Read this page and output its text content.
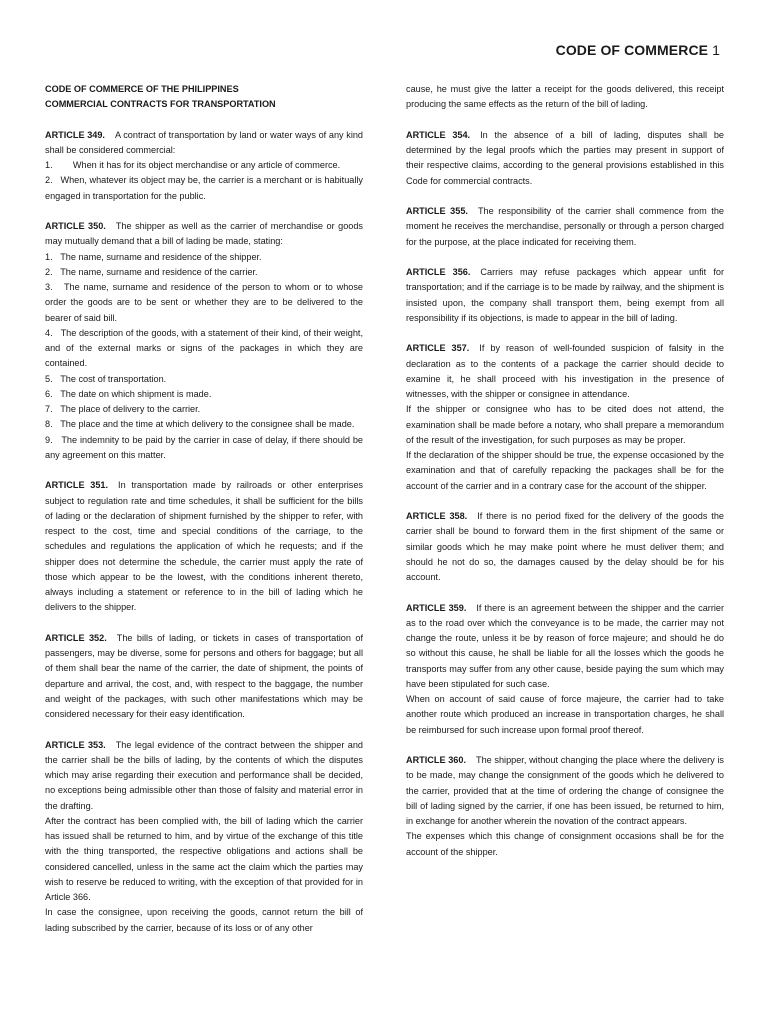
CODE OF COMMERCE 1

CODE OF COMMERCE OF THE PHILIPPINES

COMMERCIAL CONTRACTS FOR TRANSPORTATION

ARTICLE 349. A contract of transportation by land or water ways of any kind shall be considered commercial:

1.        When it has for its object merchandise or any article of commerce.

2.   When, whatever its object may be, the carrier is a merchant or is habitually engaged in transportation for the public.

ARTICLE 350. The shipper as well as the carrier of merchandise or goods may mutually demand that a bill of lading be made, stating:

1.   The name, surname and residence of the shipper.

2.   The name, surname and residence of the carrier.

3.   The name, surname and residence of the person to whom or to whose order the goods are to be sent or whether they are to be delivered to the bearer of said bill.

4.   The description of the goods, with a statement of their kind, of their weight, and of the external marks or signs of the packages in which they are contained.

5.   The cost of transportation.

6.   The date on which shipment is made.

7.   The place of delivery to the carrier.

8.   The place and the time at which delivery to the consignee shall be made.

9.   The indemnity to be paid by the carrier in case of delay, if there should be any agreement on this matter.

ARTICLE 351. In transportation made by railroads or other enterprises subject to regulation rate and time schedules, it shall be sufficient for the bills of lading or the declaration of shipment furnished by the shipper to refer, with respect to the cost, time and special conditions of the carriage, to the schedules and regulations the application of which he requests; and if the shipper does not determine the schedule, the carrier must apply the rate of those which appear to be the lowest, with the conditions inherent thereto, always including a statement or reference to in the bill of lading which he delivers to the shipper.

ARTICLE 352. The bills of lading, or tickets in cases of transportation of passengers, may be diverse, some for persons and others for baggage; but all of them shall bear the name of the carrier, the date of shipment, the points of departure and arrival, the cost, and, with respect to the baggage, the number and weight of the packages, with such other manifestations which may be considered necessary for their easy identification.

ARTICLE 353. The legal evidence of the contract between the shipper and the carrier shall be the bills of lading, by the contents of which the disputes which may arise regarding their execution and performance shall be decided, no exceptions being admissible other than those of falsity and material error in the drafting.

After the contract has been complied with, the bill of lading which the carrier has issued shall be returned to him, and by virtue of the exchange of this title with the thing transported, the respective obligations and actions shall be considered cancelled, unless in the same act the claim which the parties may wish to reserve be reduced to writing, with the exception of that provided for in Article 366.

In case the consignee, upon receiving the goods, cannot return the bill of lading subscribed by the carrier, because of its loss or of any other

cause, he must give the latter a receipt for the goods delivered, this receipt producing the same effects as the return of the bill of lading.

ARTICLE 354. In the absence of a bill of lading, disputes shall be determined by the legal proofs which the parties may present in support of their respective claims, according to the general provisions established in this Code for commercial contracts.

ARTICLE 355. The responsibility of the carrier shall commence from the moment he receives the merchandise, personally or through a person charged for the purpose, at the place indicated for receiving them.

ARTICLE 356. Carriers may refuse packages which appear unfit for transportation; and if the carriage is to be made by railway, and the shipment is insisted upon, the company shall transport them, being exempt from all responsibility if its objections, is made to appear in the bill of lading.

ARTICLE 357. If by reason of well-founded suspicion of falsity in the declaration as to the contents of a package the carrier should decide to examine it, he shall proceed with his investigation in the presence of witnesses, with the shipper or consignee in attendance.

If the shipper or consignee who has to be cited does not attend, the examination shall be made before a notary, who shall prepare a memorandum of the result of the investigation, for such purposes as may be proper.

If the declaration of the shipper should be true, the expense occasioned by the examination and that of carefully repacking the packages shall be for the account of the carrier and in a contrary case for the account of the shipper.

ARTICLE 358. If there is no period fixed for the delivery of the goods the carrier shall be bound to forward them in the first shipment of the same or similar goods which he may make point where he must deliver them; and should he not do so, the damages caused by the delay should be for his account.

ARTICLE 359. If there is an agreement between the shipper and the carrier as to the road over which the conveyance is to be made, the carrier may not change the route, unless it be by reason of force majeure; and should he do so without this cause, he shall be liable for all the losses which the goods he transports may suffer from any other cause, beside paying the sum which may have been stipulated for such case.

When on account of said cause of force majeure, the carrier had to take another route which produced an increase in transportation charges, he shall be reimbursed for such increase upon formal proof thereof.

ARTICLE 360. The shipper, without changing the place where the delivery is to be made, may change the consignment of the goods which he delivered to the carrier, provided that at the time of ordering the change of consignee the bill of lading signed by the carrier, if one has been issued, be returned to him, in exchange for another wherein the novation of the contract appears.

The expenses which this change of consignment occasions shall be for the account of the shipper.
